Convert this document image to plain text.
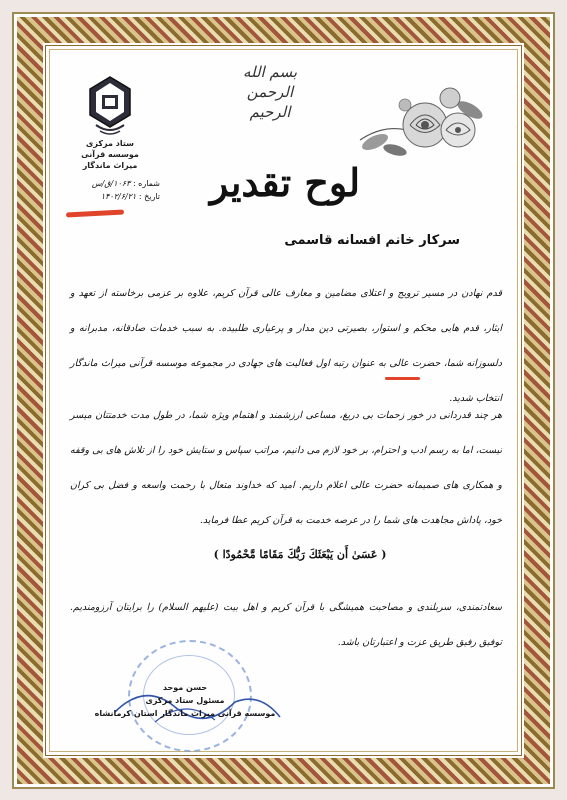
ستاد مرکزی
موسسه قرآنی میراث ماندگار
شماره : ۱۰۶۳/ق/س
تاریخ : ۱۴۰۲/۶/۲۱
بسم الله الرحمن الرحیم
لوح تقدیر
سرکار خانم افسانه قاسمی
قدم نهادن در مسیر ترویج و اعتلای مضامین و معارف عالی قرآن کریم، علاوه بر عزمی برخاسته از تعهد و ایثار، قدم هایی محکم و استوار، بصیرتی دین مدار و پرعیاری طلبیده. به سبب خدمات صادقانه، مدبرانه و دلسوزانه شما، حضرت عالی به عنوان رتبه اول فعالیت های جهادی در مجموعه موسسه قرآنی میراث ماندگار انتخاب شدید.
هر چند قدردانی در خور زحمات بی دریغ، مساعی ارزشمند و اهتمام ویژه شما، در طول مدت خدمتتان میسر نیست، اما به رسم ادب و احترام، بر خود لازم می دانیم، مراتب سپاس و ستایش خود را از تلاش های بی وقفه و همکاری های صمیمانه حضرت عالی اعلام داریم. امید که خداوند متعال با رحمت واسعه و فضل بی کران خود، پاداش مجاهدت های شما را در عرصه خدمت به قرآن کریم عطا فرماید.
( عَسَىٰ أَن يَبْعَثَكَ رَبُّكَ مَقَامًا مَّحْمُودًا )
سعادتمندی، سربلندی و مصاحبت همیشگی با قرآن کریم و اهل بیت (علیهم السلام) را برایتان آرزومندیم. توفیق رفیق طریق عزت و اعتبارتان باشد.
حسن موحد
مسئول ستاد مرکزی
موسسه قرآنی میراث ماندگار استان کرمانشاه
